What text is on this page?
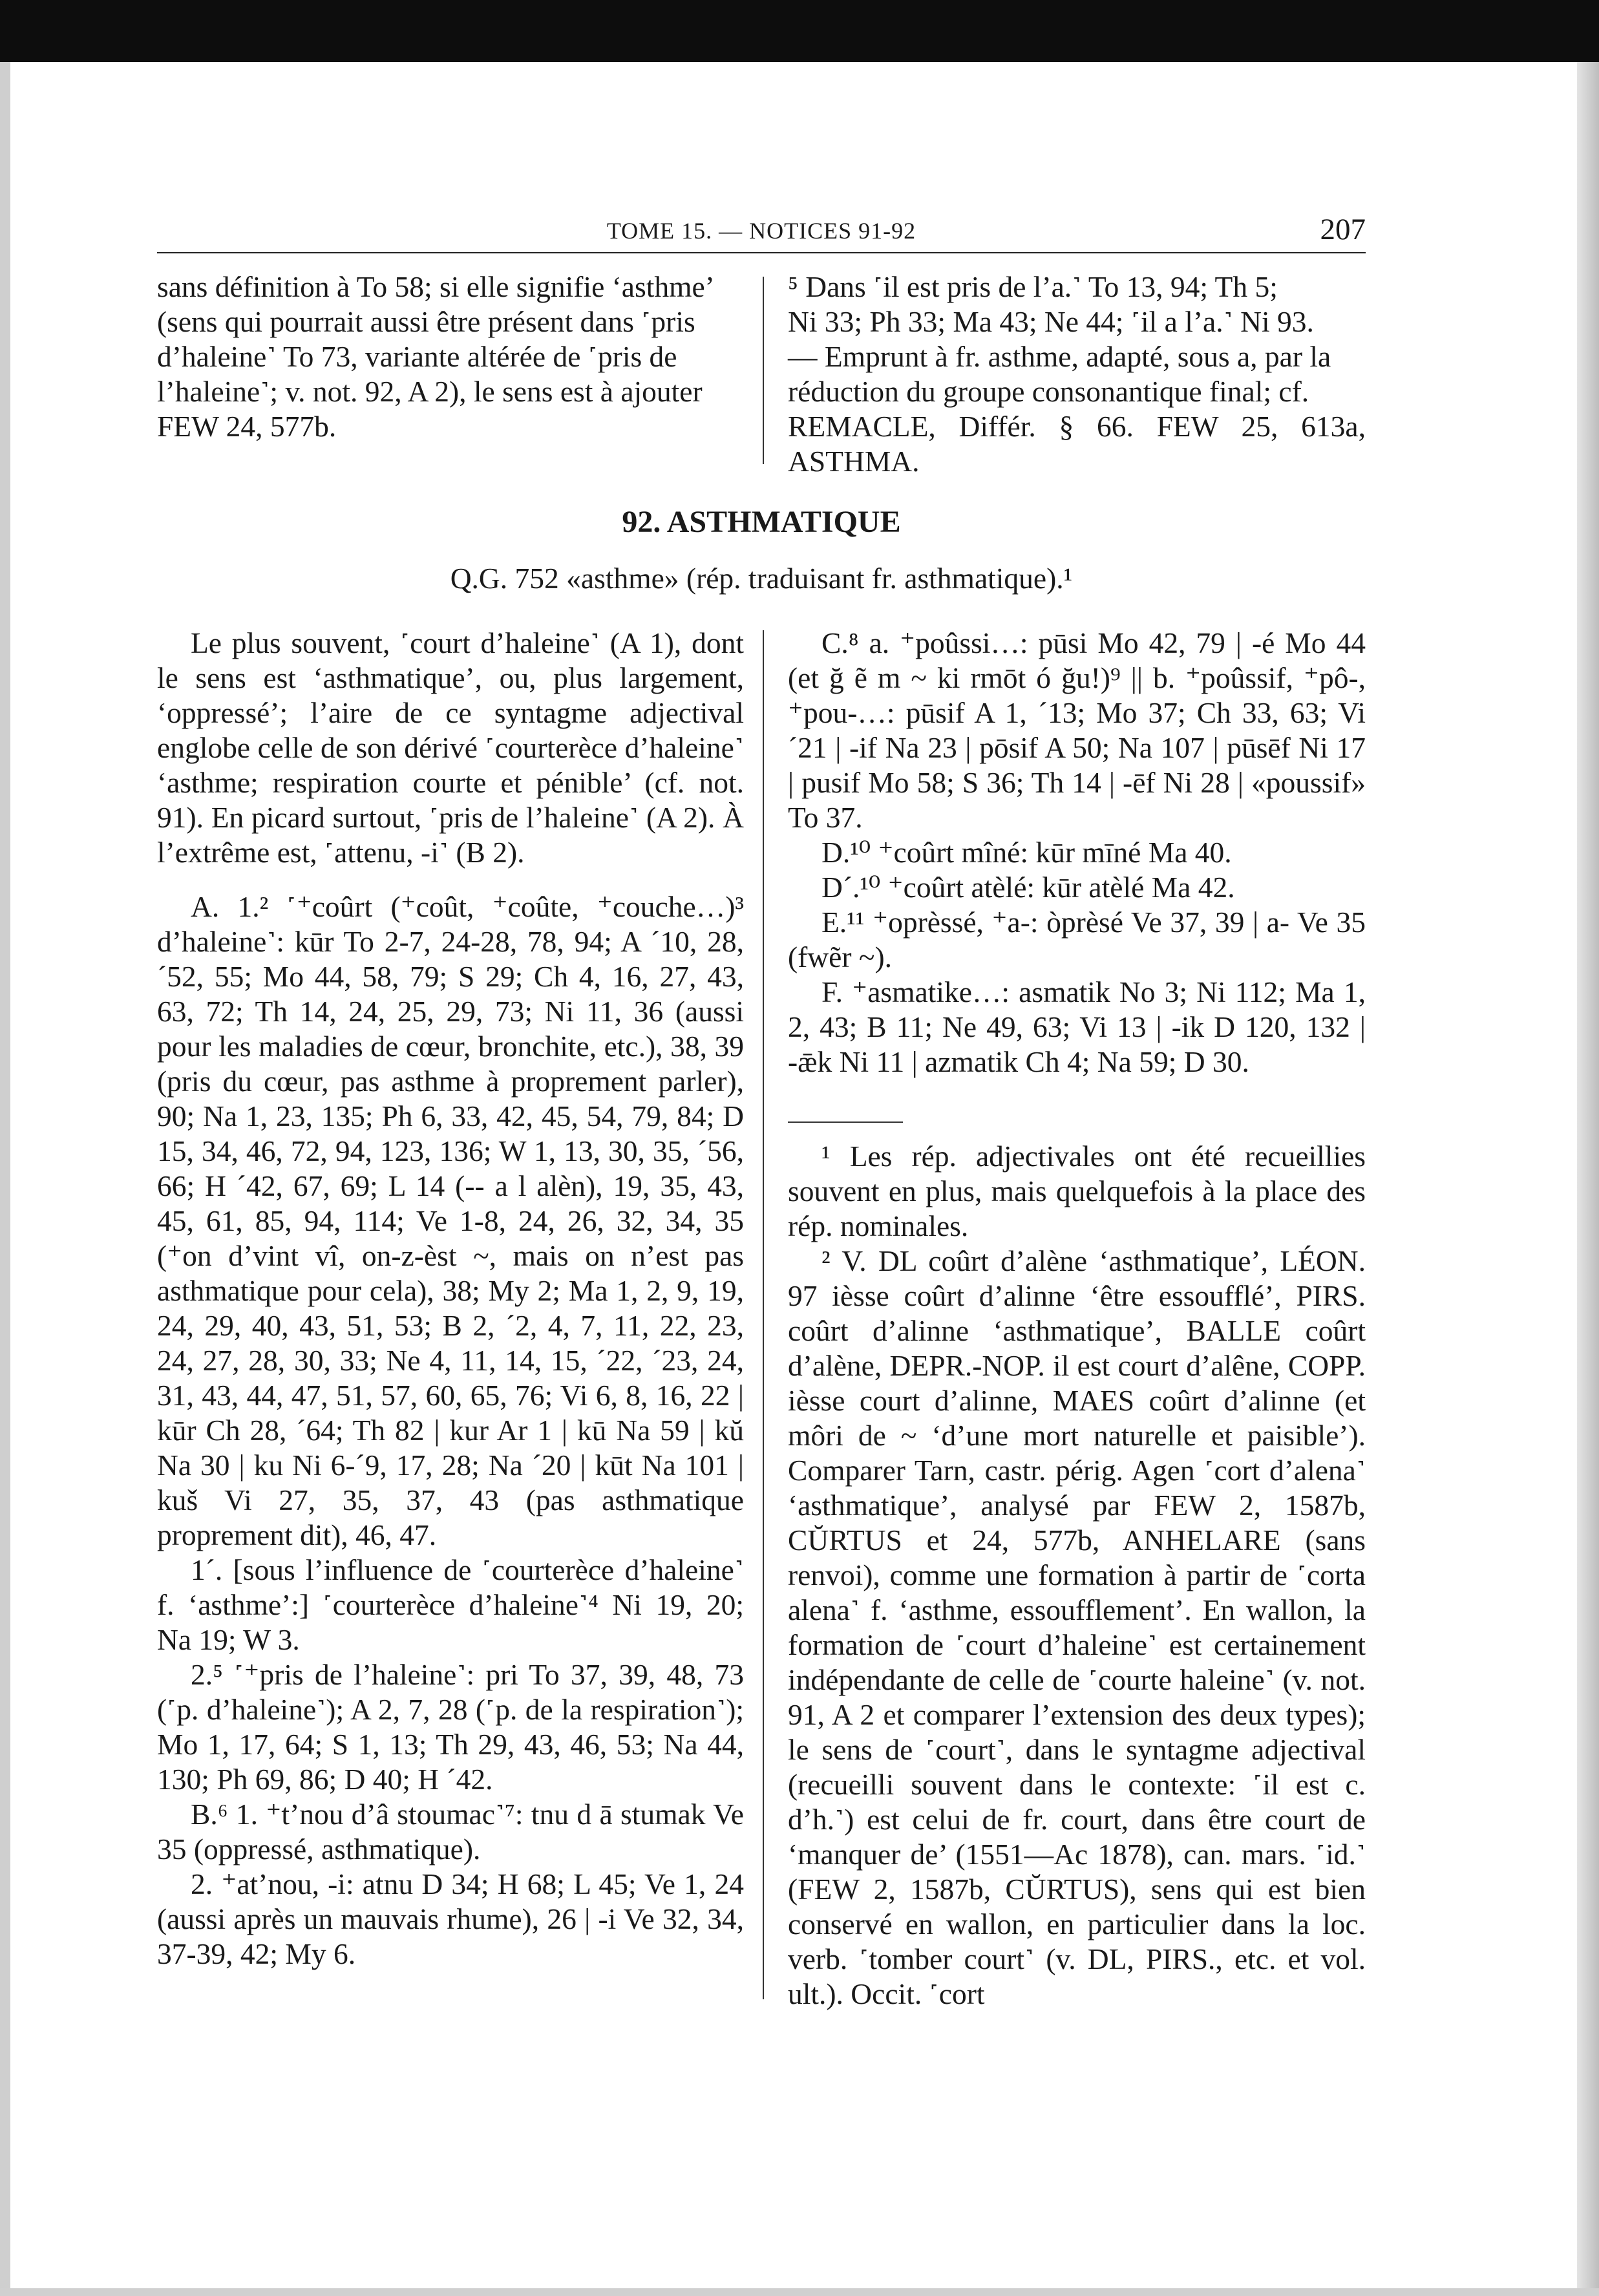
TOME 15. — NOTICES 91-92	207

sans définition à To 58; si elle signifie ‘asthme’

(sens qui pourrait aussi être présent dans ˹pris

d’haleine˺ To 73, variante altérée de ˹pris de

l’haleine˺; v. not. 92, A 2), le sens est à ajouter

FEW 24, 577b.

⁵ Dans ˹il est pris de l’a.˺ To 13, 94; Th 5;

Ni 33; Ph 33; Ma 43; Ne 44; ˹il a l’a.˺ Ni 93.

— Emprunt à fr. asthme, adapté, sous a, par la

réduction du groupe consonantique final; cf.

REMACLE, Différ. § 66. FEW 25, 613a, ASTHMA.

92. ASTHMATIQUE
Q.G. 752 «asthme» (rép. traduisant fr. asthmatique).¹

Le plus souvent, ˹court d’haleine˺ (A 1), dont le sens est ‘asthmatique’, ou, plus largement, ‘oppressé’; l’aire de ce syntagme adjectival englobe celle de son dérivé ˹courterèce d’haleine˺ ‘asthme; respiration courte et pénible’ (cf. not. 91). En picard surtout, ˹pris de l’haleine˺ (A 2). À l’extrême est, ˹attenu, -i˺ (B 2).

A. 1.² ˹⁺coûrt (⁺coût, ⁺coûte, ⁺couche…)³ d’haleine˺: kūr To 2-7, 24-28, 78, 94; A ´10, 28, ´52, 55; Mo 44, 58, 79; S 29; Ch 4, 16, 27, 43, 63, 72; Th 14, 24, 25, 29, 73; Ni 11, 36 (aussi pour les maladies de cœur, bronchite, etc.), 38, 39 (pris du cœur, pas asthme à proprement parler), 90; Na 1, 23, 135; Ph 6, 33, 42, 45, 54, 79, 84; D 15, 34, 46, 72, 94, 123, 136; W 1, 13, 30, 35, ´56, 66; H ´42, 67, 69; L 14 (-- a l alèn), 19, 35, 43, 45, 61, 85, 94, 114; Ve 1-8, 24, 26, 32, 34, 35 (⁺on d’vint vî, on-z-èst ~, mais on n’est pas asthmatique pour cela), 38; My 2; Ma 1, 2, 9, 19, 24, 29, 40, 43, 51, 53; B 2, ´2, 4, 7, 11, 22, 23, 24, 27, 28, 30, 33; Ne 4, 11, 14, 15, ´22, ´23, 24, 31, 43, 44, 47, 51, 57, 60, 65, 76; Vi 6, 8, 16, 22 | kūr Ch 28, ´64; Th 82 | kur Ar 1 | kū Na 59 | kŭ Na 30 | ku Ni 6-´9, 17, 28; Na ´20 | kūt Na 101 | kuš Vi 27, 35, 37, 43 (pas asthmatique proprement dit), 46, 47.

1´. [sous l’influence de ˹courterèce d’haleine˺ f. ‘asthme’:] ˹courterèce d’haleine˺⁴ Ni 19, 20; Na 19; W 3.

2.⁵ ˹⁺pris de l’haleine˺: pri To 37, 39, 48, 73 (˹p. d’haleine˺); A 2, 7, 28 (˹p. de la respiration˺); Mo 1, 17, 64; S 1, 13; Th 29, 43, 46, 53; Na 44, 130; Ph 69, 86; D 40; H ´42.

B.⁶ 1. ⁺t’nou d’â stoumac˺⁷: tnu d ā stumak Ve 35 (oppressé, asthmatique).

2. ⁺at’nou, -i: atnu D 34; H 68; L 45; Ve 1, 24 (aussi après un mauvais rhume), 26 | -i Ve 32, 34, 37-39, 42; My 6.

C.⁸ a. ⁺poûssi…: pūsi Mo 42, 79 | -é Mo 44 (et ğ ẽ m ~ ki rmōt ó ğu!)⁹ || b. ⁺poûssif, ⁺pô-, ⁺pou-…: pūsif A 1, ´13; Mo 37; Ch 33, 63; Vi ´21 | -if Na 23 | pōsif A 50; Na 107 | pūsēf Ni 17 | pusif Mo 58; S 36; Th 14 | -ēf Ni 28 | «poussif» To 37.

D.¹⁰ ⁺coûrt mîné: kūr mīné Ma 40.

D´.¹⁰ ⁺coûrt atèlé: kūr atèlé Ma 42.

E.¹¹ ⁺oprèssé, ⁺a-: òprèsé Ve 37, 39 | a- Ve 35 (fwẽr ~).

F. ⁺asmatike…: asmatik No 3; Ni 112; Ma 1, 2, 43; B 11; Ne 49, 63; Vi 13 | -ik D 120, 132 | -ǣk Ni 11 | azmatik Ch 4; Na 59; D 30.

¹ Les rép. adjectivales ont été recueillies souvent en plus, mais quelquefois à la place des rép. nominales.

² V. DL coûrt d’alène ‘asthmatique’, LÉON. 97 ièsse coûrt d’alinne ‘être essoufflé’, PIRS. coûrt d’alinne ‘asthmatique’, BALLE coûrt d’alène, DEPR.-NOP. il est court d’alêne, COPP. ièsse court d’alinne, MAES coûrt d’alinne (et môri de ~ ‘d’une mort naturelle et paisible’). Comparer Tarn, castr. périg. Agen ˹cort d’alena˺ ‘asthmatique’, analysé par FEW 2, 1587b, CŬRTUS et 24, 577b, ANHELARE (sans renvoi), comme une formation à partir de ˹corta alena˺ f. ‘asthme, essoufflement’. En wallon, la formation de ˹court d’haleine˺ est certainement indépendante de celle de ˹courte haleine˺ (v. not. 91, A 2 et comparer l’extension des deux types); le sens de ˹court˺, dans le syntagme adjectival (recueilli souvent dans le contexte: ˹il est c. d’h.˺) est celui de fr. court, dans être court de ‘manquer de’ (1551—Ac 1878), can. mars. ˹id.˺ (FEW 2, 1587b, CŬRTUS), sens qui est bien conservé en wallon, en particulier dans la loc. verb. ˹tomber court˺ (v. DL, PIRS., etc. et vol. ult.). Occit. ˹cort
